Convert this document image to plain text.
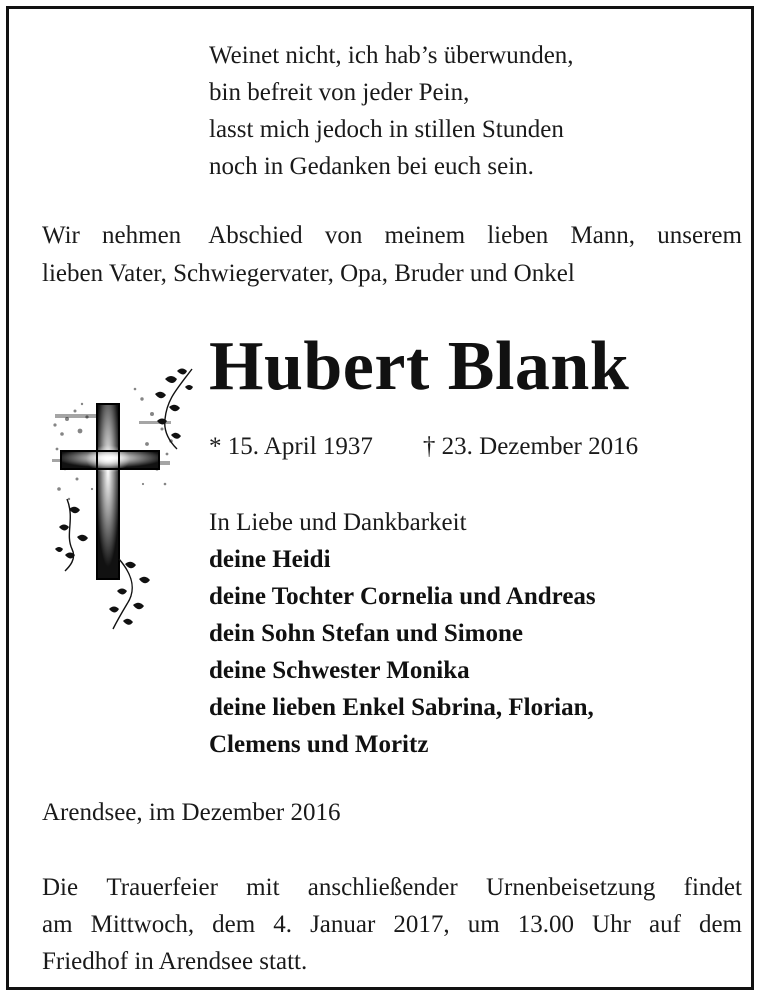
Weinet nicht, ich hab’s überwunden,
bin befreit von jeder Pein,
lasst mich jedoch in stillen Stunden
noch in Gedanken bei euch sein.
Wir nehmen Abschied von meinem lieben Mann, unserem
lieben Vater, Schwiegervater, Opa, Bruder und Onkel
Hubert Blank
* 15. April 1937 † 23. Dezember 2016
In Liebe und Dankbarkeit
deine Heidi
deine Tochter Cornelia und Andreas
dein Sohn Stefan und Simone
deine Schwester Monika
deine lieben Enkel Sabrina, Florian,
Clemens und Moritz
Arendsee, im Dezember 2016
Die Trauerfeier mit anschließender Urnenbeisetzung findet
am Mittwoch, dem 4. Januar 2017, um 13.00 Uhr auf dem
Friedhof in Arendsee statt.
